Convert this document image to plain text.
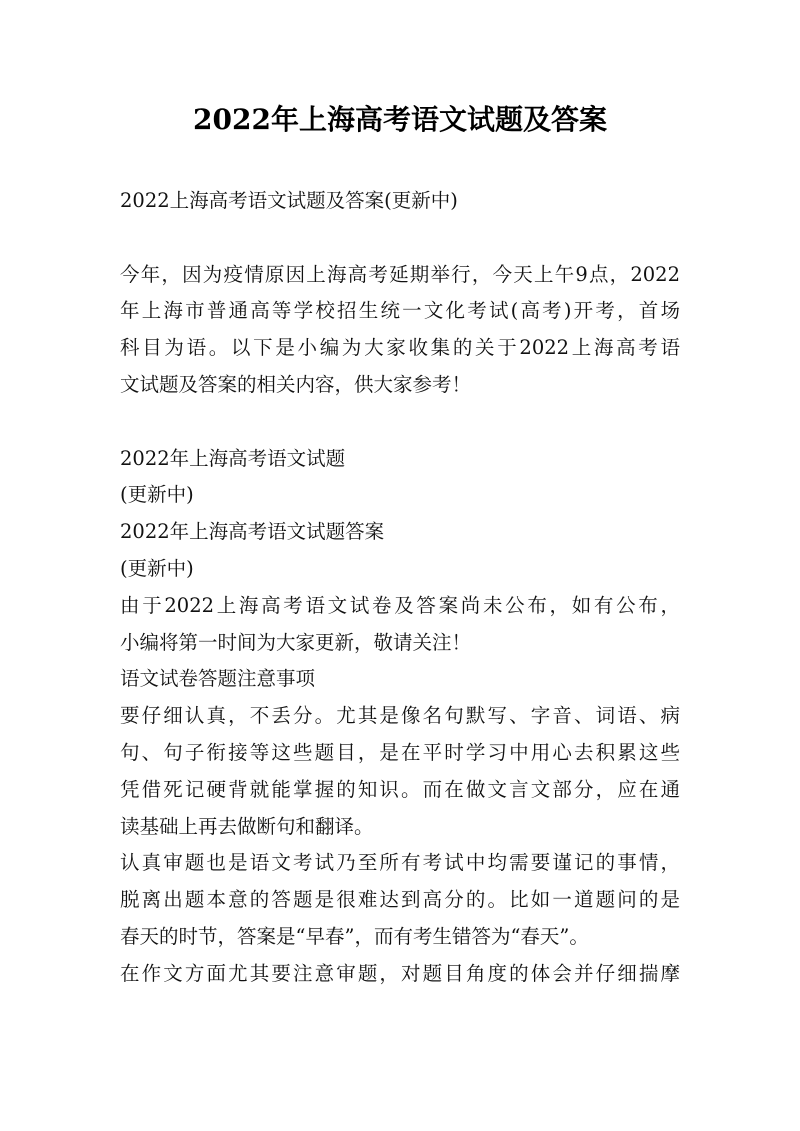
2022年上海高考语文试题及答案

2022上海高考语文试题及答案(更新中)

今年，因为疫情原因上海高考延期举行，今天上午9点，2022

年上海市普通高等学校招生统一文化考试(高考)开考，首场

科目为语。以下是小编为大家收集的关于2022上海高考语

文试题及答案的相关内容，供大家参考！

2022年上海高考语文试题

(更新中)

2022年上海高考语文试题答案

(更新中)

由于2022上海高考语文试卷及答案尚未公布，如有公布，

小编将第一时间为大家更新，敬请关注！

语文试卷答题注意事项

要仔细认真，不丢分。尤其是像名句默写、字音、词语、病

句、句子衔接等这些题目，是在平时学习中用心去积累这些

凭借死记硬背就能掌握的知识。而在做文言文部分，应在通

读基础上再去做断句和翻译。

认真审题也是语文考试乃至所有考试中均需要谨记的事情，

脱离出题本意的答题是很难达到高分的。比如一道题问的是

春天的时节，答案是“早春”，而有考生错答为“春天”。

在作文方面尤其要注意审题，对题目角度的体会并仔细揣摩
